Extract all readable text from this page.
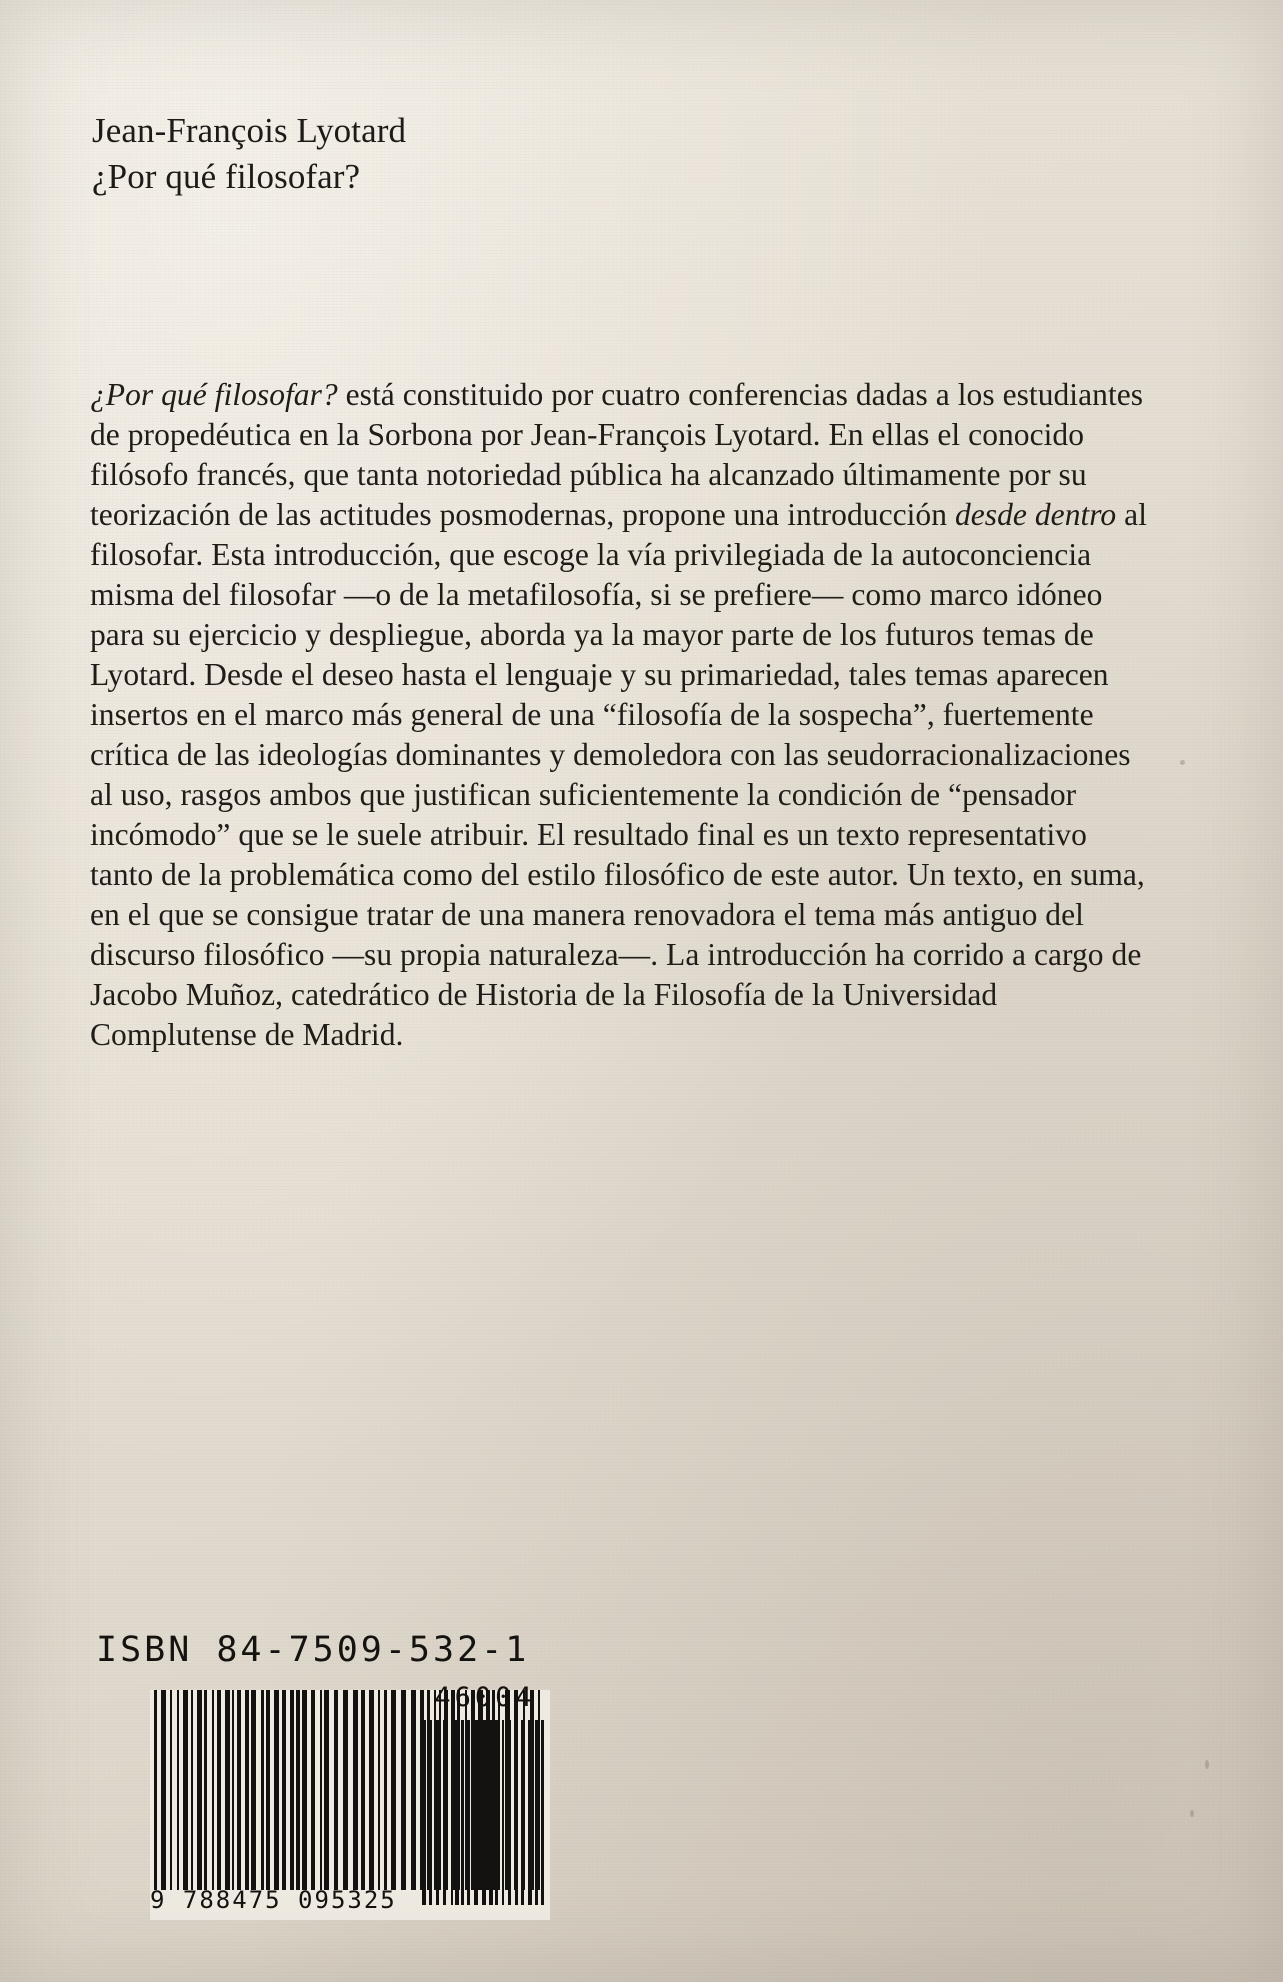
Jean-François Lyotard
¿Por qué filosofar?
¿Por qué filosofar? está constituido por cuatro conferencias dadas a los estudiantes de propedéutica en la Sorbona por Jean-François Lyotard. En ellas el conocido filósofo francés, que tanta notoriedad pública ha alcanzado últimamente por su teorización de las actitudes posmodernas, propone una introducción desde dentro al filosofar. Esta introducción, que escoge la vía privilegiada de la autoconciencia misma del filosofar —o de la metafilosofía, si se prefiere— como marco idóneo para su ejercicio y despliegue, aborda ya la mayor parte de los futuros temas de Lyotard. Desde el deseo hasta el lenguaje y su primariedad, tales temas aparecen insertos en el marco más general de una “filosofía de la sospecha”, fuertemente crítica de las ideologías dominantes y demoledora con las seudorracionalizaciones al uso, rasgos ambos que justifican suficientemente la condición de “pensador incómodo” que se le suele atribuir. El resultado final es un texto representativo tanto de la problemática como del estilo filosófico de este autor. Un texto, en suma, en el que se consigue tratar de una manera renovadora el tema más antiguo del discurso filosófico —su propia naturaleza—. La introducción ha corrido a cargo de Jacobo Muñoz, catedrático de Historia de la Filosofía de la Universidad Complutense de Madrid.
ISBN 84-7509-532-1
9 788475 095325
46004
